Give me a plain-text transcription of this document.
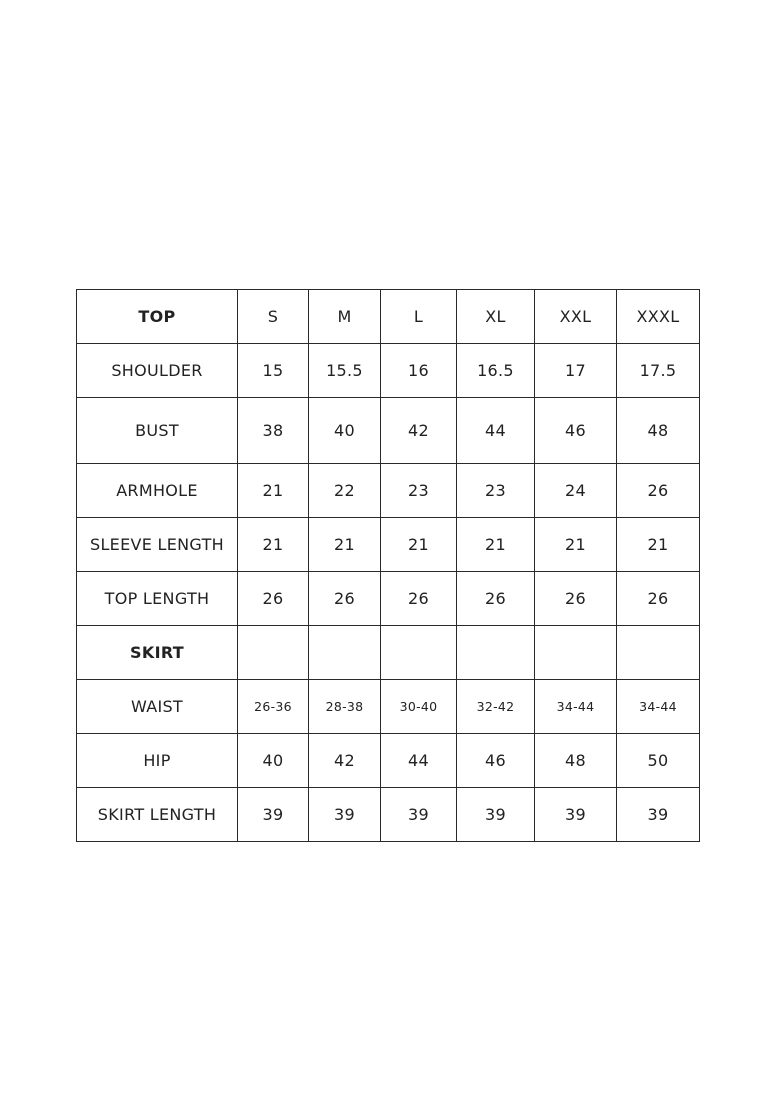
TOP	S	M	L	XL	XXL	XXXL
SHOULDER	15	15.5	16	16.5	17	17.5
BUST	38	40	42	44	46	48
ARMHOLE	21	22	23	23	24	26
SLEEVE LENGTH	21	21	21	21	21	21
TOP LENGTH	26	26	26	26	26	26
SKIRT						
WAIST	26-36	28-38	30-40	32-42	34-44	34-44
HIP	40	42	44	46	48	50
SKIRT LENGTH	39	39	39	39	39	39
